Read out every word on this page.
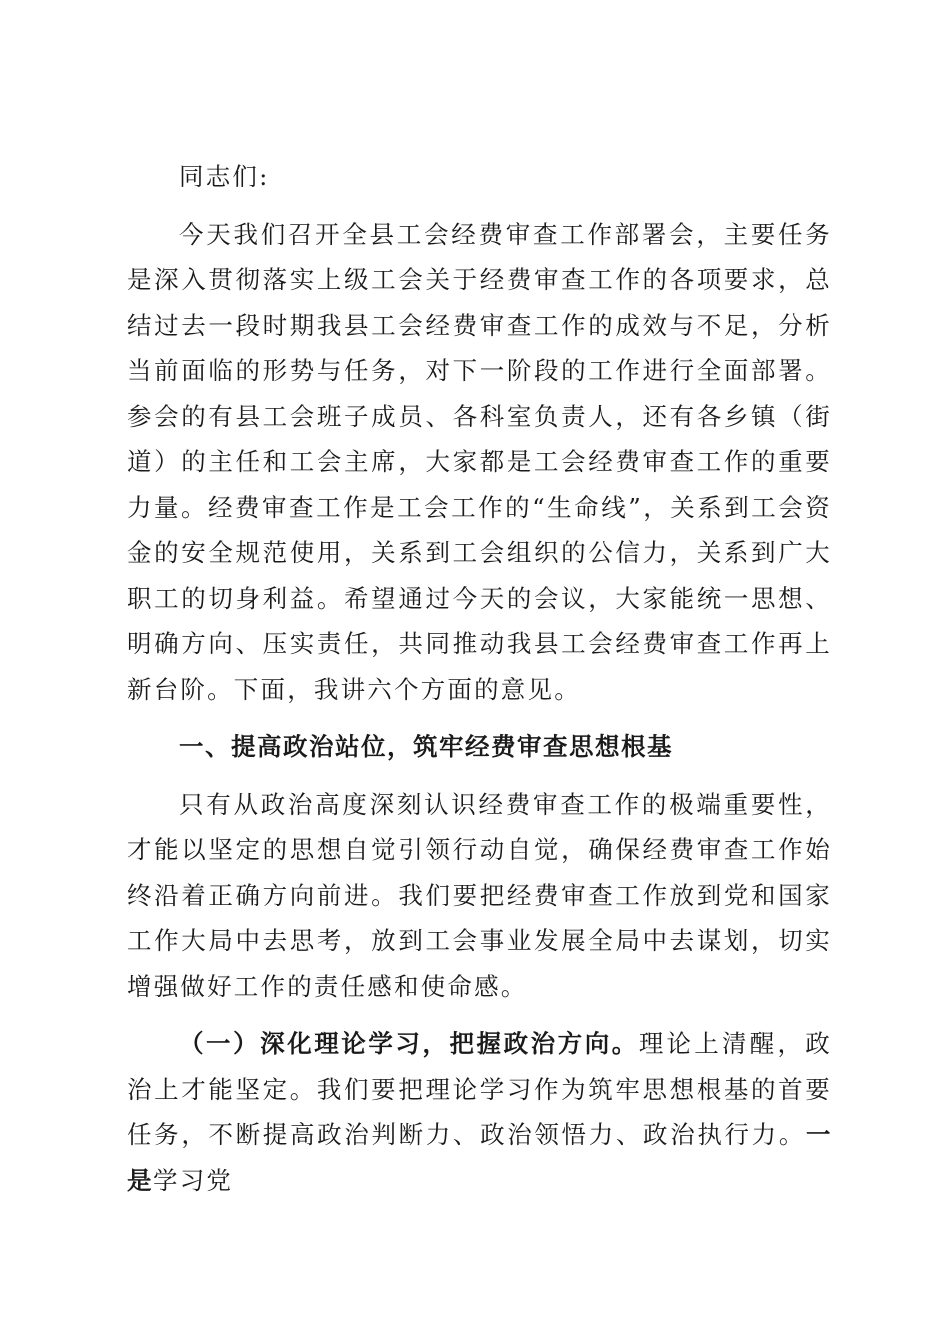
同志们:

今天我们召开全县工会经费审查工作部署会，主要任务是深入贯彻落实上级工会关于经费审查工作的各项要求，总结过去一段时期我县工会经费审查工作的成效与不足，分析当前面临的形势与任务，对下一阶段的工作进行全面部署。参会的有县工会班子成员、各科室负责人，还有各乡镇（街道）的主任和工会主席，大家都是工会经费审查工作的重要力量。经费审查工作是工会工作的“生命线”，关系到工会资金的安全规范使用，关系到工会组织的公信力，关系到广大职工的切身利益。希望通过今天的会议，大家能统一思想、明确方向、压实责任，共同推动我县工会经费审查工作再上新台阶。下面，我讲六个方面的意见。

一、提高政治站位，筑牢经费审查思想根基

只有从政治高度深刻认识经费审查工作的极端重要性，才能以坚定的思想自觉引领行动自觉，确保经费审查工作始终沿着正确方向前进。我们要把经费审查工作放到党和国家工作大局中去思考，放到工会事业发展全局中去谋划，切实增强做好工作的责任感和使命感。

（一）深化理论学习，把握政治方向。理论上清醒，政治上才能坚定。我们要把理论学习作为筑牢思想根基的首要任务，不断提高政治判断力、政治领悟力、政治执行力。一是学习党
